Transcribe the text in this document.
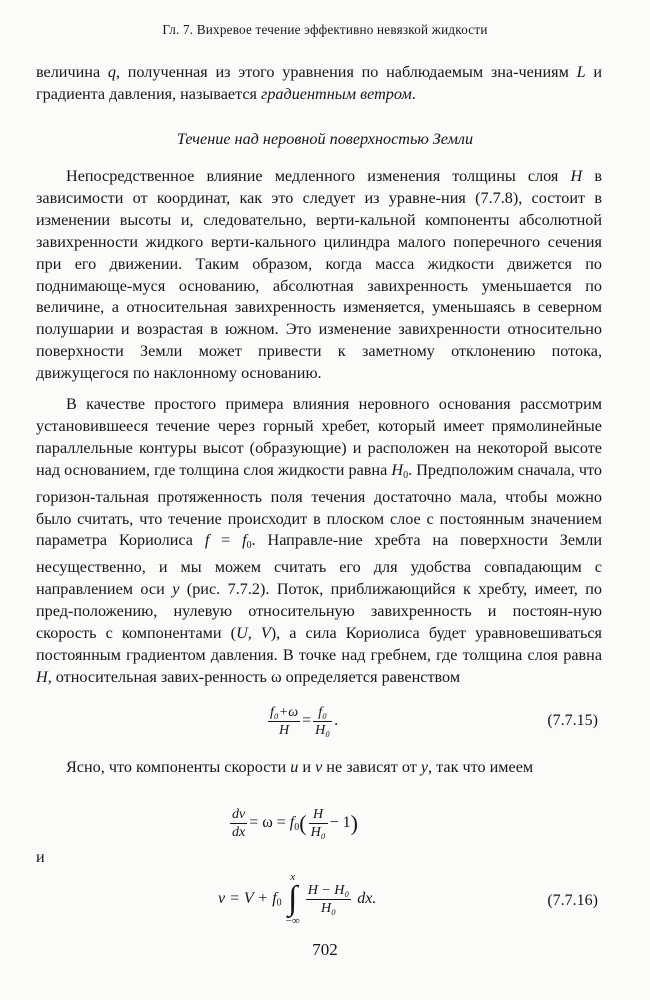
Гл. 7. Вихревое течение эффективно невязкой жидкости

величина q, полученная из этого уравнения по наблюдаемым зна-чениям L и градиента давления, называется градиентным ветром.

Течение над неровной поверхностью Земли

Непосредственное влияние медленного изменения толщины слоя H в зависимости от координат, как это следует из уравне-ния (7.7.8), состоит в изменении высоты и, следовательно, верти-кальной компоненты абсолютной завихренности жидкого верти-кального цилиндра малого поперечного сечения при его движении. Таким образом, когда масса жидкости движется по поднимающе-муся основанию, абсолютная завихренность уменьшается по величине, а относительная завихренность изменяется, уменьшаясь в северном полушарии и возрастая в южном. Это изменение завихренности относительно поверхности Земли может привести к заметному отклонению потока, движущегося по наклонному основанию.

В качестве простого примера влияния неровного основания рассмотрим установившееся течение через горный хребет, который имеет прямолинейные параллельные контуры высот (образующие) и расположен на некоторой высоте над основанием, где толщина слоя жидкости равна $H_0$. Предположим сначала, что горизон-тальная протяженность поля течения достаточно мала, чтобы можно было считать, что течение происходит в плоском слое с постоянным значением параметра Кориолиса $f = f_0$. Направле-ние хребта на поверхности Земли несущественно, и мы можем считать его для удобства совпадающим с направлением оси y (рис. 7.7.2). Поток, приближающийся к хребту, имеет, по пред-положению, нулевую относительную завихренность и постоян-ную скорость с компонентами (U, V), а сила Кориолиса будет уравновешиваться постоянным градиентом давления. В точке над гребнем, где толщина слоя равна H, относительная завих-ренность ω определяется равенством

$\frac{\text{f₀+ω}}{H} = \frac{\text{f₀}}{\text{H₀}}$ .	(7.7.15)

Ясно, что компоненты скорости u и v не зависят от y, так что имеем

$\frac{dv}{dx} = \omega = f_0( \frac{H}{\text{H₀}} - 1)$
и
$v = V + f_0$
x
∫
−∞
$\frac{\text{H − H₀}}{\text{H₀}}$ dx.	(7.7.16)
702
